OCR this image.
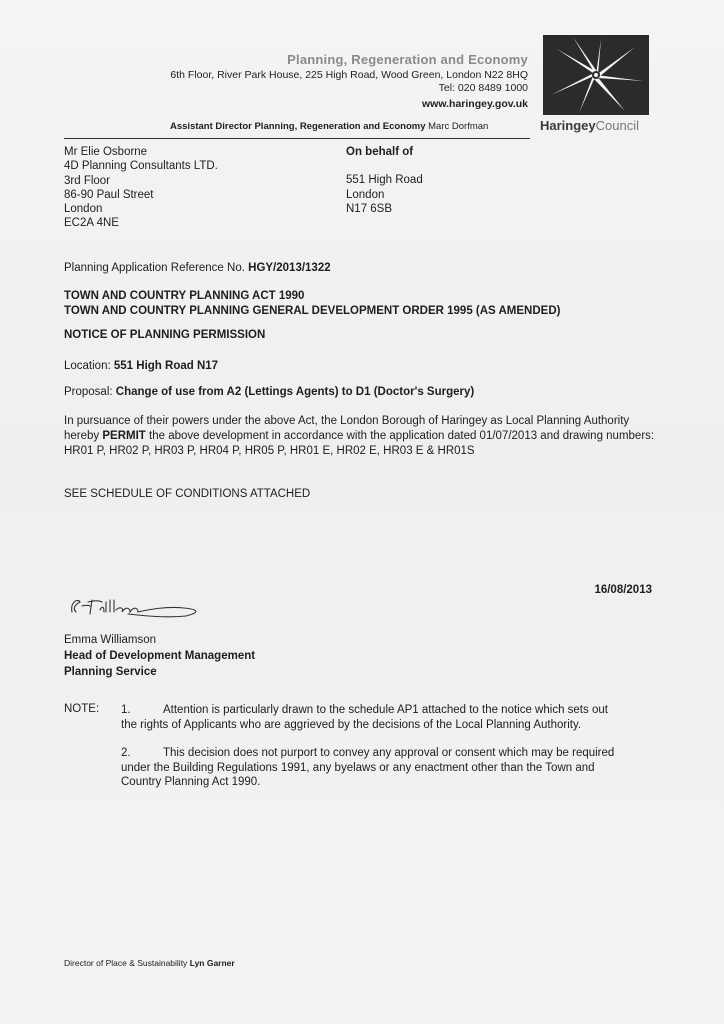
Planning, Regeneration and Economy
6th Floor, River Park House, 225 High Road, Wood Green, London N22 8HQ
Tel: 020 8489 1000
www.haringey.gov.uk
Assistant Director Planning, Regeneration and Economy Marc Dorfman	HaringeyCouncil
Mr Elie Osborne
4D Planning Consultants LTD.
3rd Floor
86-90 Paul Street
London
EC2A 4NE
On behalf of
551 High Road
London
N17 6SB
Planning Application Reference No. HGY/2013/1322
TOWN AND COUNTRY PLANNING ACT 1990
TOWN AND COUNTRY PLANNING GENERAL DEVELOPMENT ORDER 1995 (AS AMENDED)
NOTICE OF PLANNING PERMISSION
Location: 551 High Road N17
Proposal: Change of use from A2 (Lettings Agents) to D1 (Doctor's Surgery)
In pursuance of their powers under the above Act, the London Borough of Haringey as Local Planning Authority hereby PERMIT the above development in accordance with the application dated 01/07/2013 and drawing numbers: HR01 P, HR02 P, HR03 P, HR04 P, HR05 P, HR01 E, HR02 E, HR03 E & HR01S
SEE SCHEDULE OF CONDITIONS ATTACHED
16/08/2013
Emma Williamson
Head of Development Management
Planning Service
NOTE: 1.	Attention is particularly drawn to the schedule AP1 attached to the notice which sets out the rights of Applicants who are aggrieved by the decisions of the Local Planning Authority.
2.	This decision does not purport to convey any approval or consent which may be required under the Building Regulations 1991, any byelaws or any enactment other than the Town and Country Planning Act 1990.
Director of Place & Sustainability Lyn Garner
